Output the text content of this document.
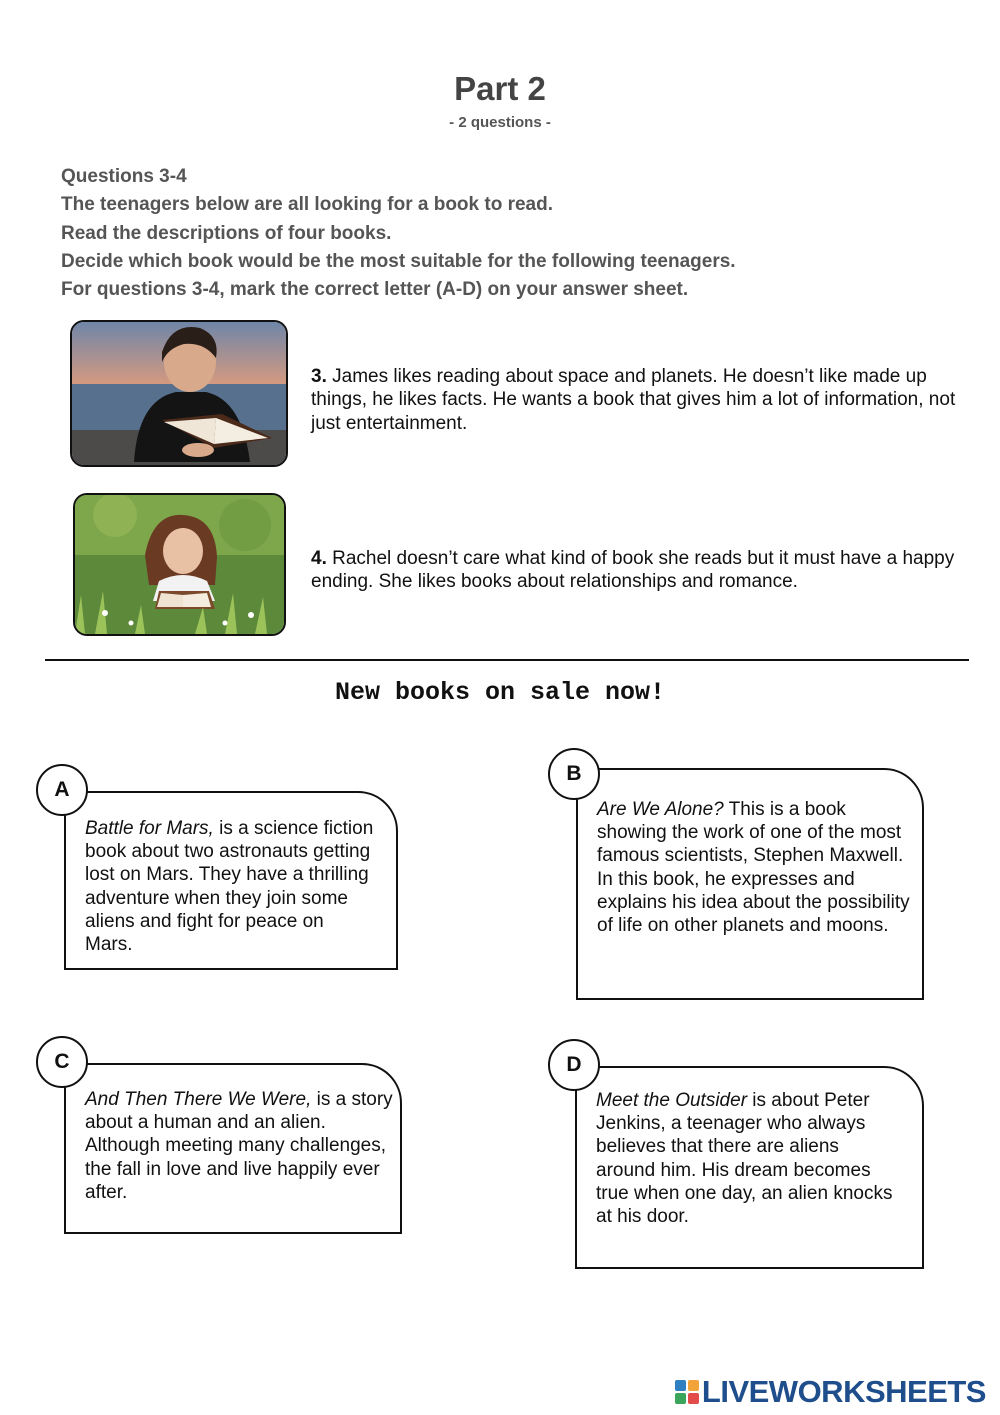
Part 2
- 2 questions -
Questions 3-4
The teenagers below are all looking for a book to read.
Read the descriptions of four books.
Decide which book would be the most suitable for the following teenagers.
For questions 3-4, mark the correct letter (A-D) on your answer sheet.
3. James likes reading about space and planets. He doesn’t like made up things, he likes facts. He wants a book that gives him a lot of information, not just entertainment.
4. Rachel doesn’t care what kind of book she reads but it must have a happy ending. She likes books about relationships and romance.
New books on sale now!
Battle for Mars, is a science fiction book about two astronauts getting lost on Mars. They have a thrilling adventure when they join some aliens and fight for peace on Mars.
A
Are We Alone? This is a book showing the work of one of the most famous scientists, Stephen Maxwell. In this book, he expresses and explains his idea about the possibility of life on other planets and moons.
B
And Then There We Were, is a story about a human and an alien. Although meeting many challenges, the fall in love and live happily ever after.
C
Meet the Outsider is about Peter Jenkins, a teenager who always believes that there are aliens around him. His dream becomes true when one day, an alien knocks at his door.
D
LIVEWORKSHEETS
